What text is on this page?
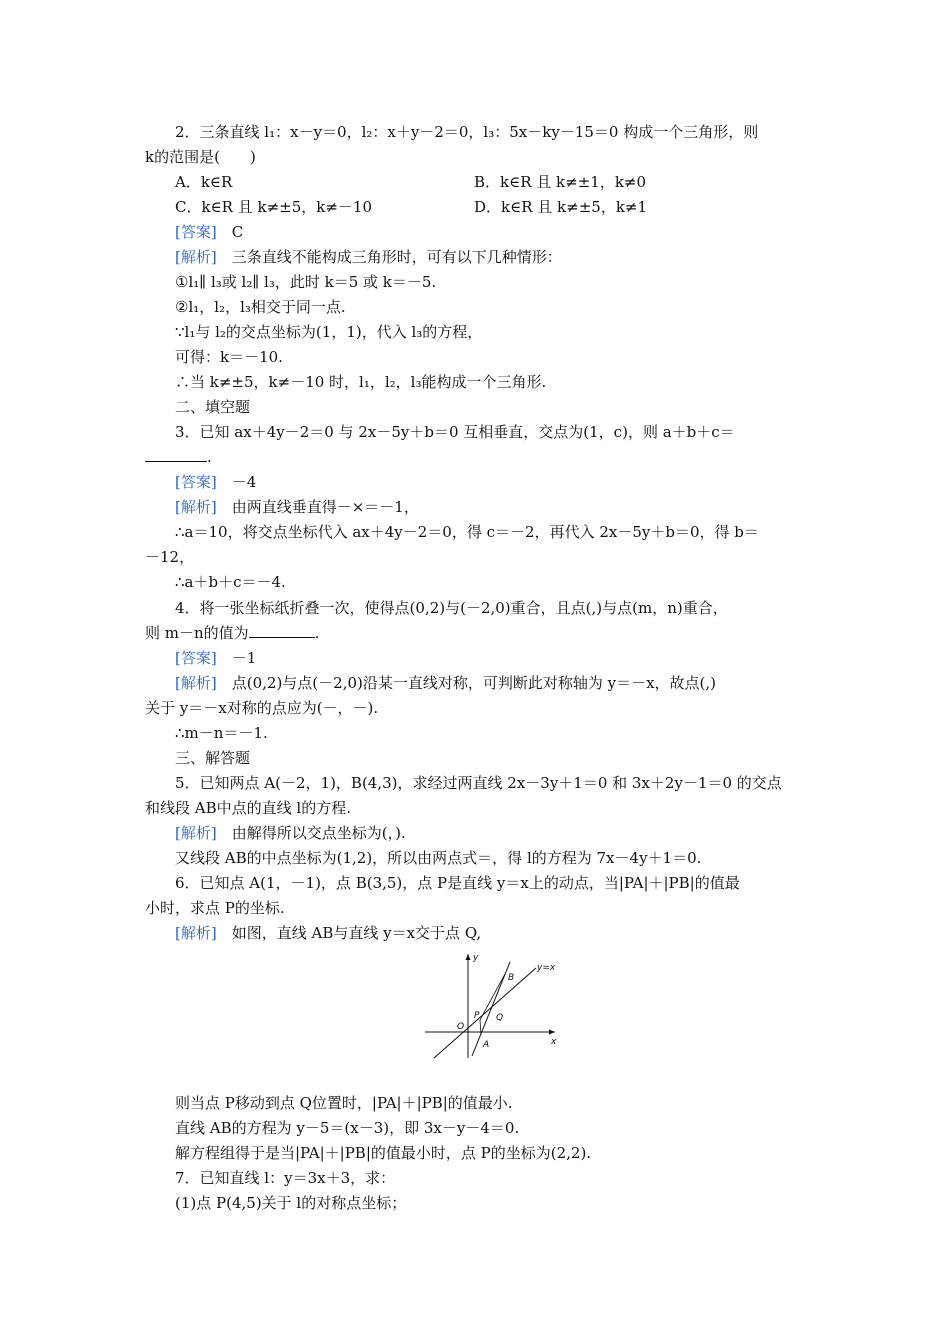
2．三条直线 l₁：x－y＝0，l₂：x＋y－2＝0，l₃：5x－ky－15＝0 构成一个三角形，则
k的范围是(　　)
A．k∈R	B．k∈R 且 k≠±1，k≠0
C．k∈R 且 k≠±5，k≠－10	D．k∈R 且 k≠±5，k≠1
[答案]　 C
[解析]　 三条直线不能构成三角形时，可有以下几种情形：
①l₁∥ l₃或 l₂∥ l₃，此时 k＝5 或 k＝－5.
②l₁，l₂，l₃相交于同一点.
∵l₁与 l₂的交点坐标为(1，1)，代入 l₃的方程，
可得：k＝－10.
∴当 k≠±5，k≠－10 时，l₁，l₂，l₃能构成一个三角形.
二、填空题
3．已知 ax＋4y－2＝0 与 2x－5y＋b＝0 互相垂直，交点为(1，c)，则 a＋b＋c＝
.
[答案]　 －4
[解析]　 由两直线垂直得－×＝－1，
∴a＝10，将交点坐标代入 ax＋4y－2＝0，得 c＝－2，再代入 2x－5y＋b＝0，得 b＝
－12，
∴a＋b＋c＝－4.
4．将一张坐标纸折叠一次，使得点(0,2)与(－2,0)重合，且点(,)与点(m，n)重合，
则 m－n的值为	.
[答案]　 －1
[解析]　 点(0,2)与点(－2,0)沿某一直线对称，可判断此对称轴为 y＝－x，故点(,)
关于 y＝－x对称的点应为(－，－).
∴m－n＝－1.
三、解答题
5．已知两点 A(－2，1)，B(4,3)，求经过两直线 2x－3y＋1＝0 和 3x＋2y－1＝0 的交点
和线段 AB中点的直线 l的方程.
[解析]　 由解得所以交点坐标为(，).
又线段 AB的中点坐标为(1,2)，所以由两点式＝，得 l的方程为 7x－4y＋1＝0.
6．已知点 A(1，－1)，点 B(3,5)，点 P是直线 y＝x上的动点，当|PA|＋|PB|的值最
小时，求点 P的坐标.
[解析]　 如图，直线 AB与直线 y＝x交于点 Q,
y
x
B
y=x
O
P Q
A
则当点 P移动到点 Q位置时，|PA|＋|PB|的值最小.
直线 AB的方程为 y－5＝(x－3)，即 3x－y－4＝0.
解方程组得于是当|PA|＋|PB|的值最小时，点 P的坐标为(2,2).
7．已知直线 l：y＝3x＋3，求：
(1)点 P(4,5)关于 l的对称点坐标；
